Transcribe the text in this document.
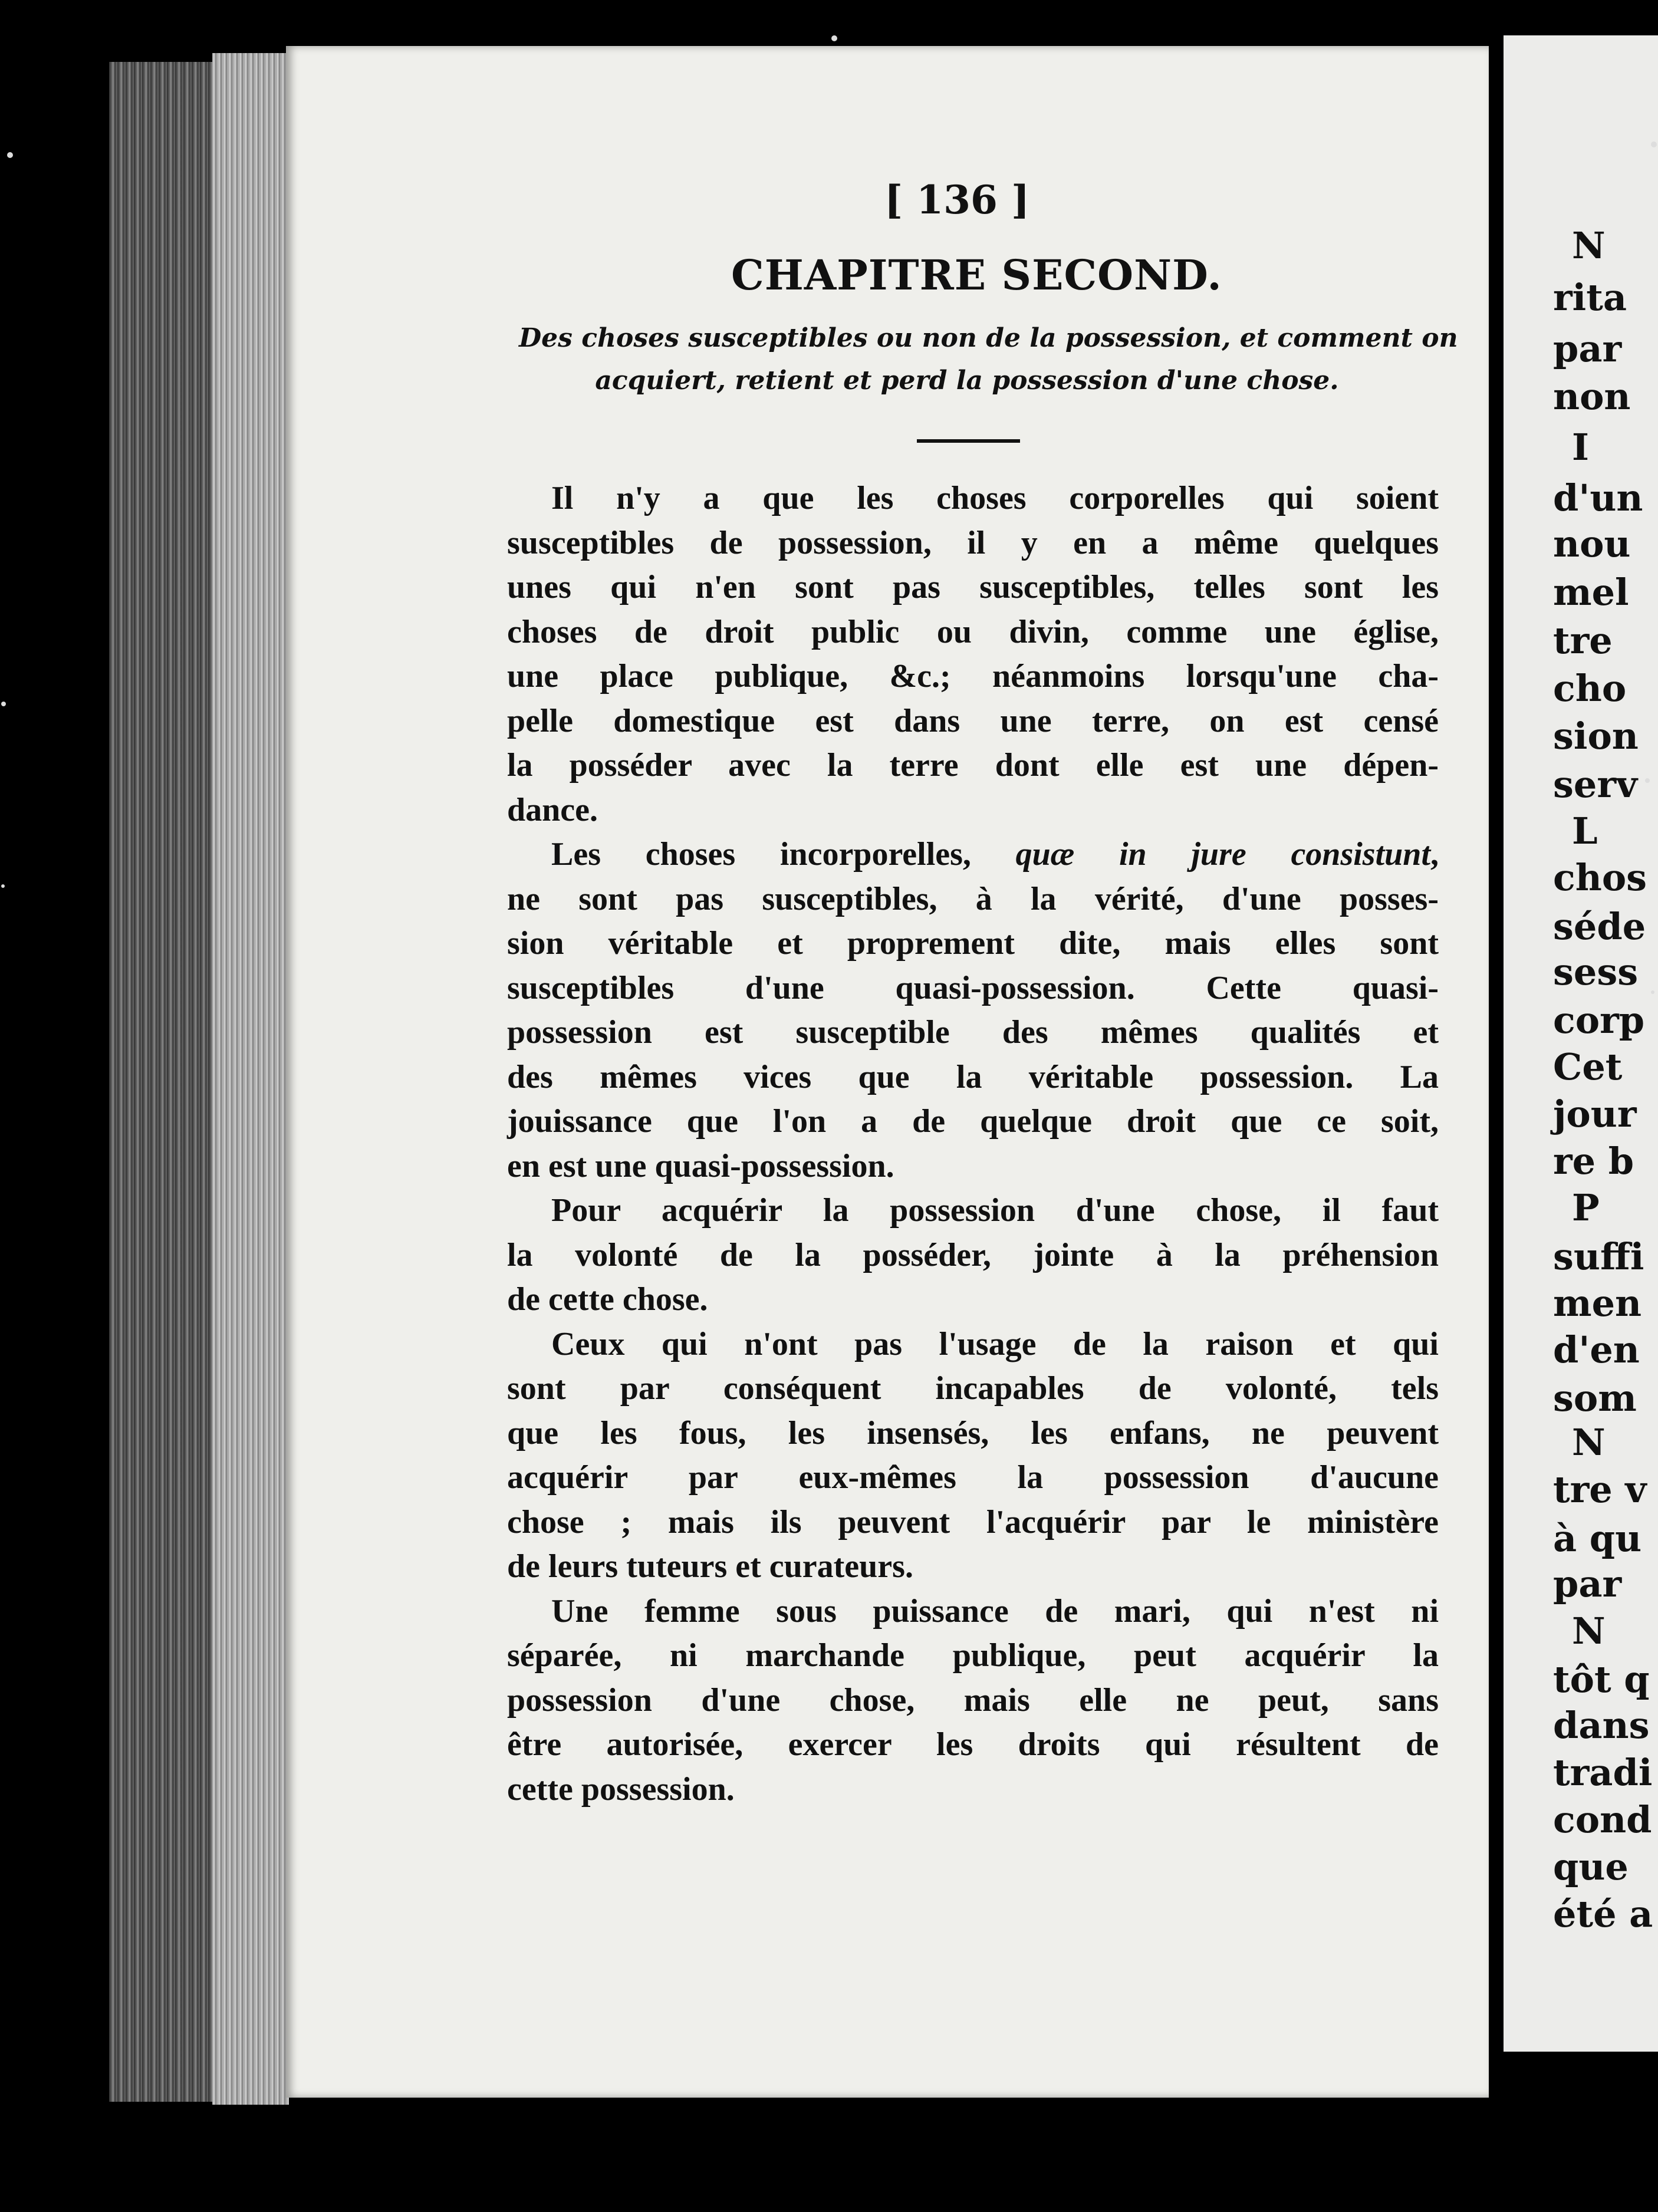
[ 136 ]
CHAPITRE SECOND.
Des choses susceptibles ou non de la possession, et comment on
acquiert, retient et perd la possession d'une chose.
Il n'y a que les choses corporelles qui soient
susceptibles de possession, il y en a même quelques
unes qui n'en sont pas susceptibles, telles sont les
choses de droit public ou divin, comme une église,
une place publique, &c.; néanmoins lorsqu'une cha-
pelle domestique est dans une terre, on est censé
la posséder avec la terre dont elle est une dépen-
dance.
Les choses incorporelles, quæ in jure consistunt,
ne sont pas susceptibles, à la vérité, d'une posses-
sion véritable et proprement dite, mais elles sont
susceptibles d'une quasi-possession. Cette quasi-
possession est susceptible des mêmes qualités et
des mêmes vices que la véritable possession. La
jouissance que l'on a de quelque droit que ce soit,
en est une quasi-possession.
Pour acquérir la possession d'une chose, il faut
la volonté de la posséder, jointe à la préhension
de cette chose.
Ceux qui n'ont pas l'usage de la raison et qui
sont par conséquent incapables de volonté, tels
que les fous, les insensés, les enfans, ne peuvent
acquérir par eux-mêmes la possession d'aucune
chose ; mais ils peuvent l'acquérir par le ministère
de leurs tuteurs et curateurs.
Une femme sous puissance de mari, qui n'est ni
séparée, ni marchande publique, peut acquérir la
possession d'une chose, mais elle ne peut, sans
être autorisée, exercer les droits qui résultent de
cette possession.
N
rita
par
non
I
d'un
nou
mel
tre
cho
sion
serv
L
chos
séde
sess
corp
Cet
jour
re b
P
suffi
men
d'en
som
N
tre v
à qu
par
N
tôt q
dans
tradi
cond
que
été a
